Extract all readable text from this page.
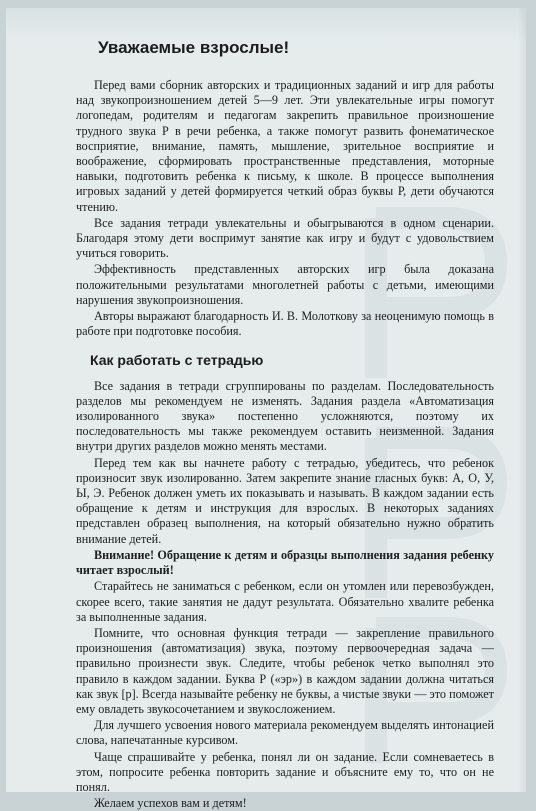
Уважаемые взрослые!

Перед вами сборник авторских и традиционных заданий и игр для работы над звукопроизношением детей 5—9 лет. Эти увлекательные игры помогут логопедам, родителям и педагогам закрепить правильное произношение трудного звука Р в речи ребенка, а также помогут развить фонематическое восприятие, внимание, память, мышление, зрительное восприятие и воображение, сформировать пространственные представления, моторные навыки, подготовить ребенка к письму, к школе. В процессе выполнения игровых заданий у детей формируется четкий образ буквы Р, дети обучаются чтению.

Все задания тетради увлекательны и обыгрываются в одном сценарии. Благодаря этому дети воспримут занятие как игру и будут с удовольствием учиться говорить.

Эффективность представленных авторских игр была доказана положительными результатами многолетней работы с детьми, имеющими нарушения звукопроизношения.

Авторы выражают благодарность И. В. Молоткову за неоценимую помощь в работе при подготовке пособия.

Как работать с тетрадью

Все задания в тетради сгруппированы по разделам. Последовательность разделов мы рекомендуем не изменять. Задания раздела «Автоматизация изолированного звука» постепенно усложняются, поэтому их последовательность мы также рекомендуем оставить неизменной. Задания внутри других разделов можно менять местами.

Перед тем как вы начнете работу с тетрадью, убедитесь, что ребенок произносит звук изолированно. Затем закрепите знание гласных букв: А, О, У, Ы, Э. Ребенок должен уметь их показывать и называть. В каждом задании есть обращение к детям и инструкция для взрослых. В некоторых заданиях представлен образец выполнения, на который обязательно нужно обратить внимание детей.

Внимание! Обращение к детям и образцы выполнения задания ребенку читает взрослый!

Старайтесь не заниматься с ребенком, если он утомлен или перевозбужден, скорее всего, такие занятия не дадут результата. Обязательно хвалите ребенка за выполненные задания.

Помните, что основная функция тетради — закрепление правильного произношения (автоматизация) звука, поэтому первоочередная задача — правильно произнести звук. Следите, чтобы ребенок четко выполнял это правило в каждом задании. Буква Р («эр») в каждом задании должна читаться как звук [р]. Всегда называйте ребенку не буквы, а чистые звуки — это поможет ему овладеть звукосочетанием и звукосложением.

Для лучшего усвоения нового материала рекомендуем выделять интонацией слова, напечатанные курсивом.

Чаще спрашивайте у ребенка, понял ли он задание. Если сомневаетесь в этом, попросите ребенка повторить задание и объясните ему то, что он не понял.

Желаем успехов вам и детям!
